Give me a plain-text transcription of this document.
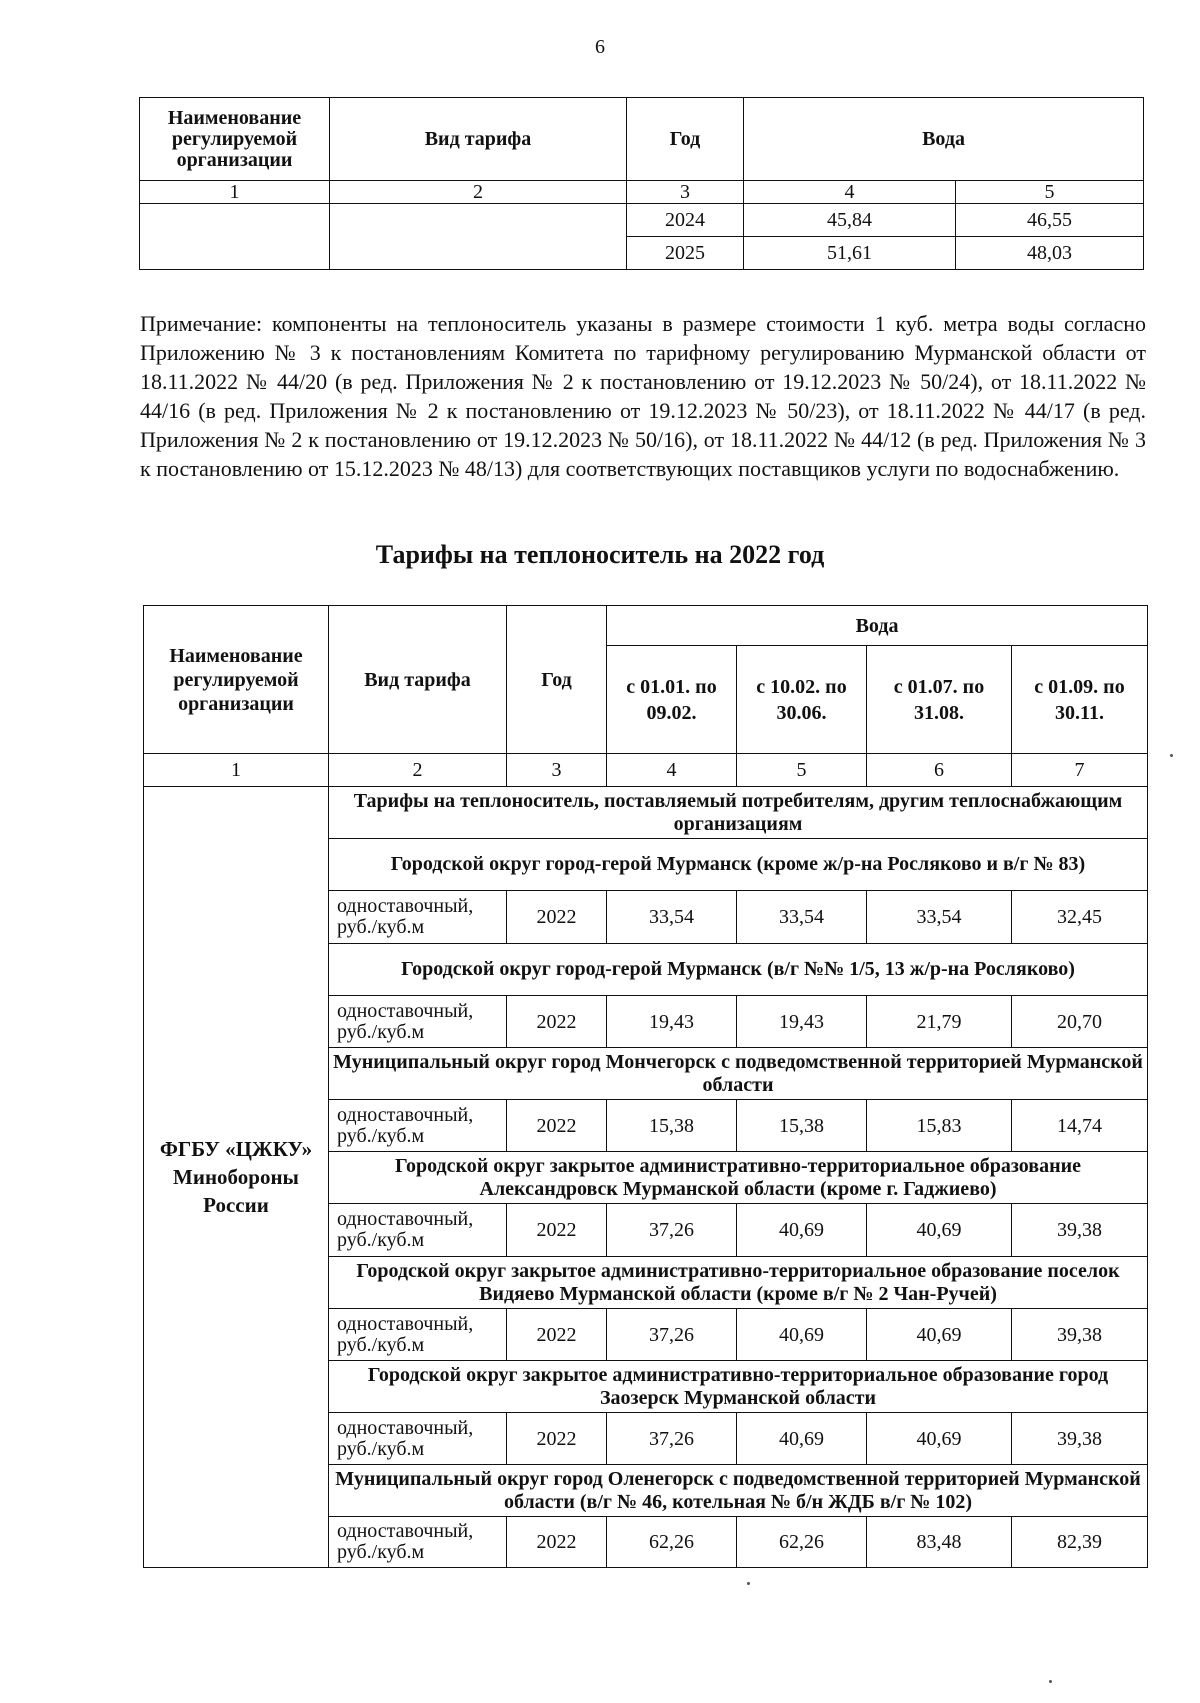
6
Наименование регулируемой организации	Вид тарифа	Год	Вода	
1	2	3	4	5
		2024	45,84	46,55
		2025	51,61	48,03
Примечание: компоненты на теплоноситель указаны в размере стоимости 1 куб. метра воды согласно Приложению № 3 к постановлениям Комитета по тарифному регулированию Мурманской области от 18.11.2022 № 44/20 (в ред. Приложения № 2 к постановлению от 19.12.2023 № 50/24), от 18.11.2022 № 44/16 (в ред. Приложения № 2 к постановлению от 19.12.2023 № 50/23), от 18.11.2022 № 44/17 (в ред. Приложения № 2 к постановлению от 19.12.2023 № 50/16), от 18.11.2022 № 44/12 (в ред. Приложения № 3 к постановлению от 15.12.2023 № 48/13) для соответствующих поставщиков услуги по водоснабжению.
Тарифы на теплоноситель на 2022 год
Наименование регулируемой организации	Вид тарифа	Год	Вода			
			с 01.01. по 09.02.	с 10.02. по 30.06.	с 01.07. по 31.08.	с 01.09. по 30.11.
1	2	3	4	5	6	7
ФГБУ «ЦЖКУ» Минобороны России	Тарифы на теплоноситель, поставляемый потребителям, другим теплоснабжающим организациям					
	Городской округ город-герой Мурманск (кроме ж/р-на Росляково и в/г № 83)					
	одноставочный, руб./куб.м	2022	33,54	33,54	33,54	32,45
	Городской округ город-герой Мурманск (в/г №№ 1/5, 13 ж/р-на Росляково)					
	одноставочный, руб./куб.м	2022	19,43	19,43	21,79	20,70
	Муниципальный округ город Мончегорск с подведомственной территорией Мурманской области					
	одноставочный, руб./куб.м	2022	15,38	15,38	15,83	14,74
	Городской округ закрытое административно-территориальное образование Александровск Мурманской области (кроме г. Гаджиево)					
	одноставочный, руб./куб.м	2022	37,26	40,69	40,69	39,38
	Городской округ закрытое административно-территориальное образование поселок Видяево Мурманской области (кроме в/г № 2 Чан-Ручей)					
	одноставочный, руб./куб.м	2022	37,26	40,69	40,69	39,38
	Городской округ закрытое административно-территориальное образование город Заозерск Мурманской области					
	одноставочный, руб./куб.м	2022	37,26	40,69	40,69	39,38
	Муниципальный округ город Оленегорск с подведомственной территорией Мурманской области (в/г № 46, котельная № б/н ЖДБ в/г № 102)					
	одноставочный, руб./куб.м	2022	62,26	62,26	83,48	82,39
